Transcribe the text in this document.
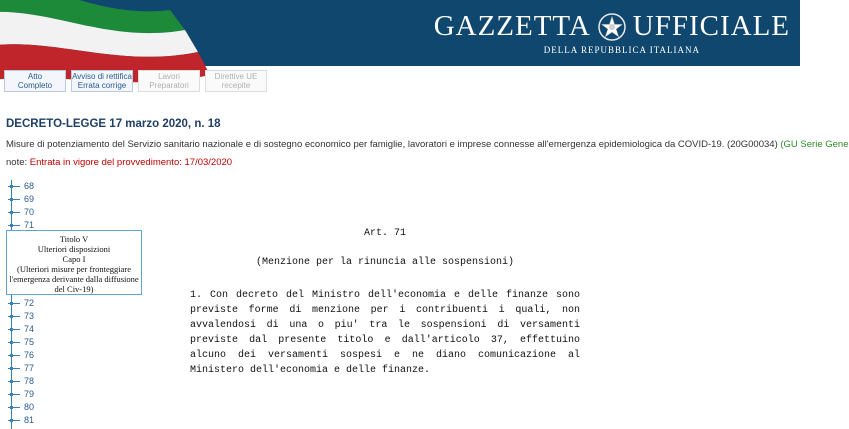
GAZZETTA UFFICIALE
DELLA REPUBBLICA ITALIANA
Atto
Completo
Avviso di rettifica
Errata corrige
Lavori
Preparatori
Direttive UE
recepite
DECRETO-LEGGE 17 marzo 2020, n. 18
Misure di potenziamento del Servizio sanitario nazionale e di sostegno economico per famiglie, lavoratori e imprese connesse all'emergenza epidemiologica da COVID-19. (20G00034) (GU Serie Gene
note: Entrata in vigore del provvedimento: 17/03/2020
68
69
70
71
72
73
74
75
76
77
78
79
80
81
Titolo V
Ulteriori disposizioni
Capo I
(Ulteriori misure per fronteggiare
l'emergenza derivante dalla diffusione
del Civ-19)

Art. 71

(Menzione per la rinuncia alle sospensioni)

1. Con decreto del Ministro dell'economia e delle finanze sono previste forme di menzione per i contribuenti i quali, non avvalendosi di una o piu' tra le sospensioni di versamenti previste dal presente titolo e dall'articolo 37, effettuino alcuno dei versamenti sospesi e ne diano comunicazione al Ministero dell'economia e delle finanze.
